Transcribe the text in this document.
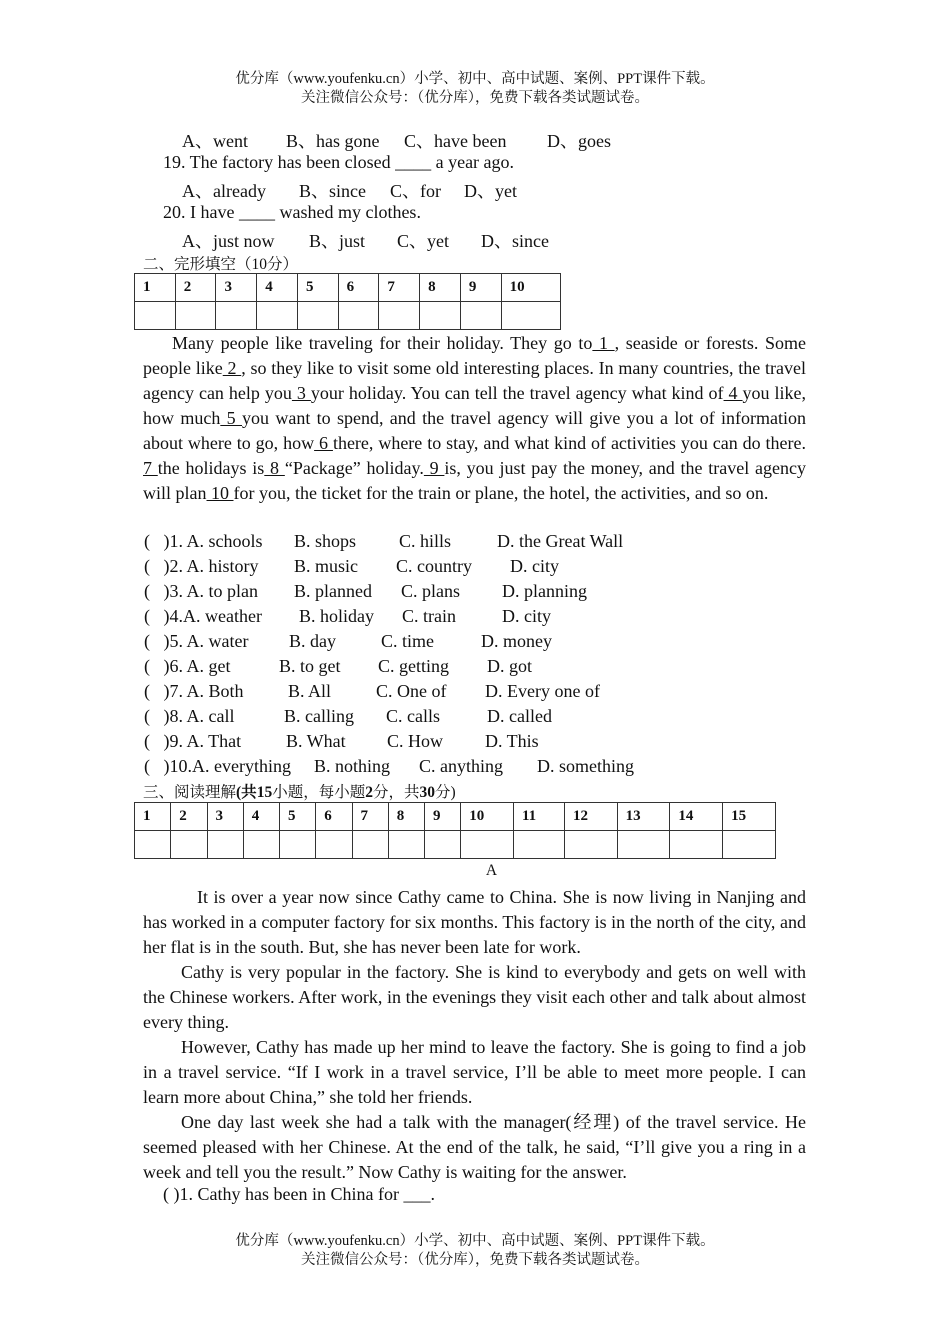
优分库（www.youfenku.cn）小学、初中、高中试题、案例、PPT课件下载。
关注微信公众号：（优分库），免费下载各类试题试卷。
A、went B、has gone C、have been D、goes
19. The factory has been closed ____ a year ago.
A、already B、since C、for D、yet
20. I have ____ washed my clothes.
A、just now B、just C、yet D、since
二、完形填空（10分）
1	2	3	4	5	6	7	8	9	10

Many people like traveling for their holiday. They go to 1 , seaside or forests. Some people like 2 , so they like to visit some old interesting places. In many countries, the travel agency can help you 3 your holiday. You can tell the travel agency what kind of 4 you like, how much 5 you want to spend, and the travel agency will give you a lot of information about where to go, how 6 there, where to stay, and what kind of activities you can do there. 7 the holidays is 8 “Package” holiday. 9 is, you just pay the money, and the travel agency will plan 10 for you, the ticket for the train or plane, the hotel, the activities, and so on.
(   )1. A. schools B. shops C. hills	D. the Great Wall
(   )2. A. history B. music C. country D. city
(   )3. A. to plan B. planned C. plans D. planning
(   )4.A. weather B. holiday C. train	D. city
(   )5. A. water B. day	C. time	D. money
(   )6. A. get	B. to get C. getting D. got
(   )7. A. Both B. All C. One of D. Every one of
(   )8. A. call	B. calling C. calls	D. called
(   )9. A. That B. What C. How D. This
(   )10.A. everything B. nothing C. anything D. something
三、阅读理解(共15小题，每小题2分，共30分)
1	2	3	4	5	6	7	8	9	10	11	12	13	14	15

A

It is over a year now since Cathy came to China. She is now living in Nanjing and has worked in a computer factory for six months. This factory is in the north of the city, and her flat is in the south. But, she has never been late for work.

Cathy is very popular in the factory. She is kind to everybody and gets on well with the Chinese workers. After work, in the evenings they visit each other and talk about almost every thing.

However, Cathy has made up her mind to leave the factory. She is going to find a job in a travel service. “If I work in a travel service, I’ll be able to meet more people. I can learn more about China,” she told her friends.

One day last week she had a talk with the manager(经理) of the travel service. He seemed pleased with her Chinese. At the end of the talk, he said, “I’ll give you a ring in a week and tell you the result.” Now Cathy is waiting for the answer.

( )1. Cathy has been in China for ___.
优分库（www.youfenku.cn）小学、初中、高中试题、案例、PPT课件下载。
关注微信公众号：（优分库），免费下载各类试题试卷。
